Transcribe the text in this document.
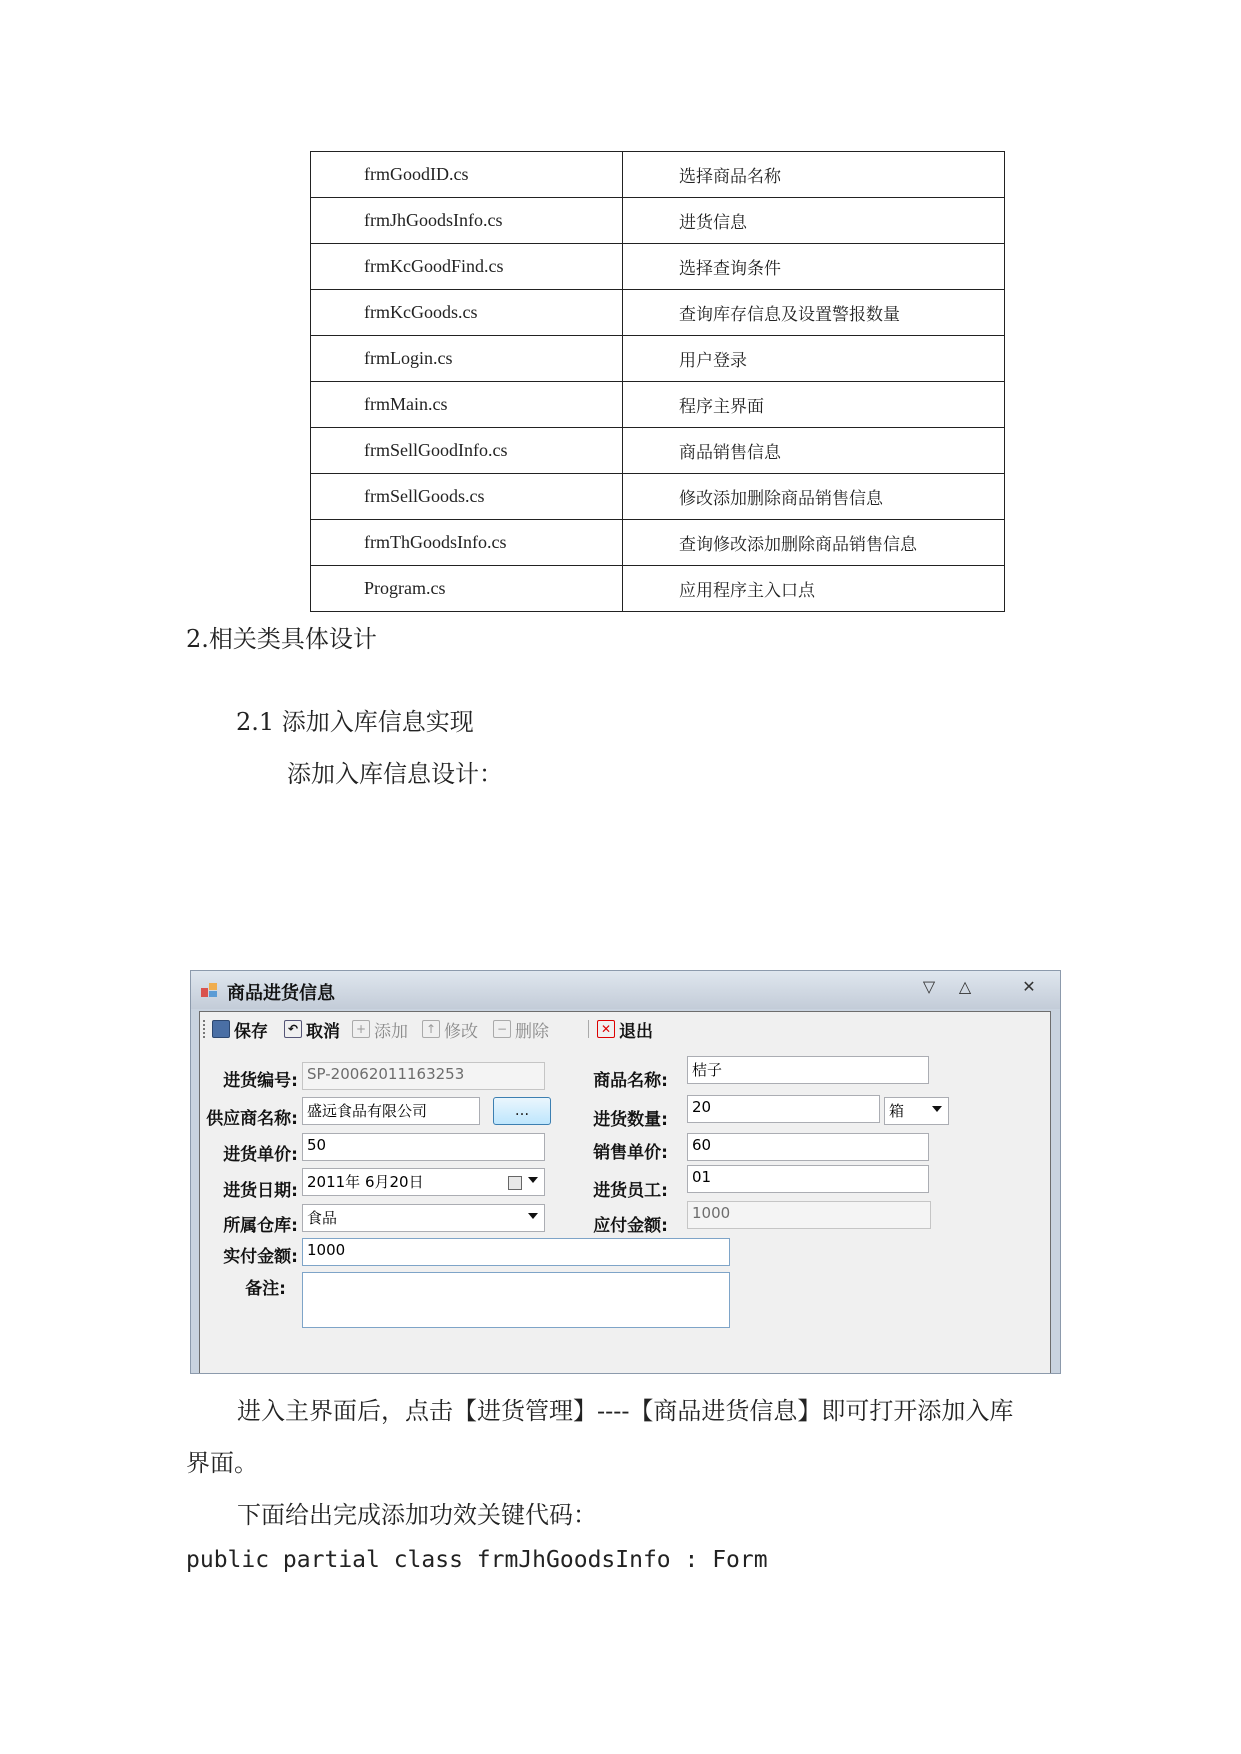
frmGoodID.cs	选择商品名称
frmJhGoodsInfo.cs	进货信息
frmKcGoodFind.cs	选择查询条件
frmKcGoods.cs	查询库存信息及设置警报数量
frmLogin.cs	用户登录
frmMain.cs	程序主界面
frmSellGoodInfo.cs	商品销售信息
frmSellGoods.cs	修改添加删除商品销售信息
frmThGoodsInfo.cs	查询修改添加删除商品销售信息
Program.cs	应用程序主入口点
2.相关类具体设计
2.1 添加入库信息实现
添加入库信息设计：
商品进货信息	▽	△	✕
保存	↶ 取消	+ 添加	↑ 修改	− 删除	✕ 退出
进货编号: SP-20062011163253
供应商名称: 盛远食品有限公司	...
进货单价: 50
进货日期: 2011年 6月20日
所属仓库: 食品
实付金额: 1000
备注:
商品名称:
桔子
进货数量:
20	箱
销售单价:	60
进货员工:
01
应付金额:
1000
进入主界面后，点击【进货管理】----【商品进货信息】即可打开添加入库
界面。
下面给出完成添加功效关键代码：
public partial class frmJhGoodsInfo : Form
